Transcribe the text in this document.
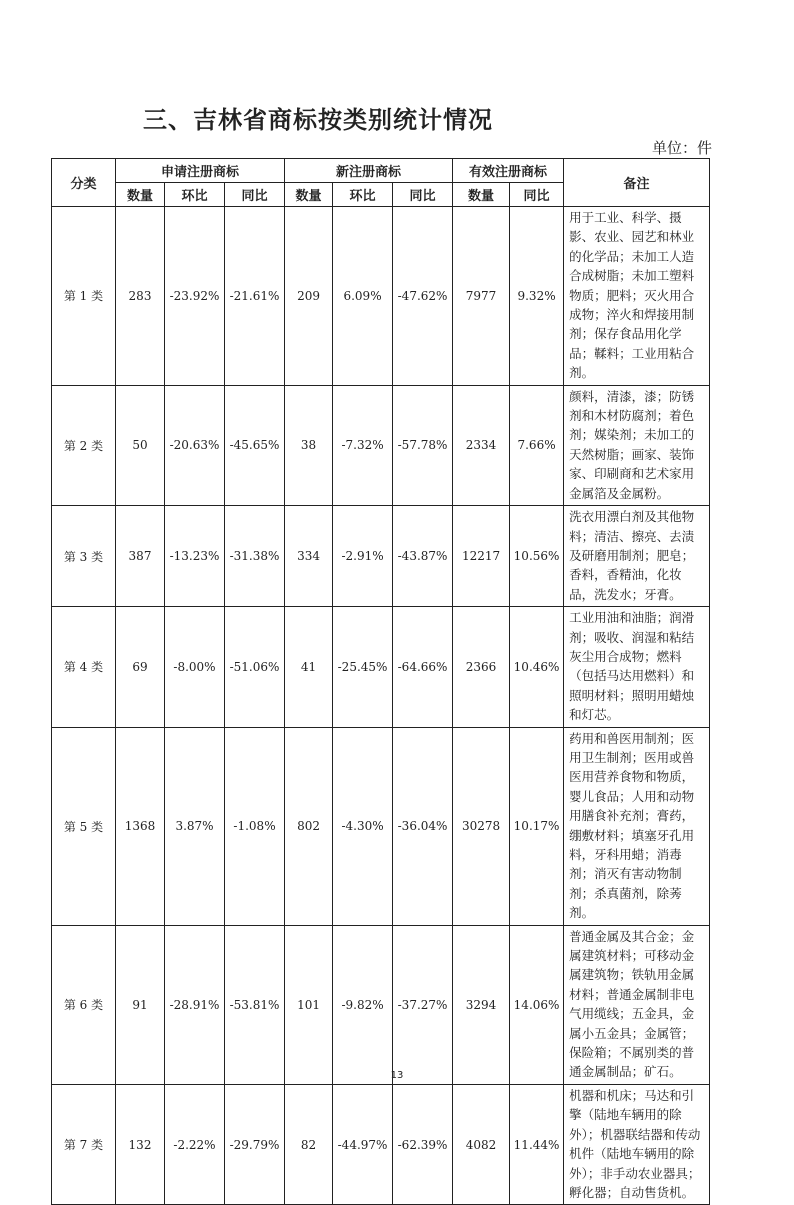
三、吉林省商标按类别统计情况
单位：件
分类	申请注册商标			新注册商标			有效注册商标		备注
	数量	环比	同比	数量	环比	同比	数量	同比	
第 1 类	283	-23.92%	-21.61%	209	6.09%	-47.62%	7977	9.32%	用于工业、科学、摄影、农业、园艺和林业的化学品；未加工人造合成树脂；未加工塑料物质；肥料；灭火用合成物；淬火和焊接用制剂；保存食品用化学品；鞣料；工业用粘合剂。
第 2 类	50	-20.63%	-45.65%	38	-7.32%	-57.78%	2334	7.66%	颜料，清漆，漆；防锈剂和木材防腐剂；着色剂；媒染剂；未加工的天然树脂；画家、装饰家、印刷商和艺术家用金属箔及金属粉。
第 3 类	387	-13.23%	-31.38%	334	-2.91%	-43.87%	12217	10.56%	洗衣用漂白剂及其他物料；清洁、擦亮、去渍及研磨用制剂；肥皂；香料，香精油，化妆品，洗发水；牙膏。
第 4 类	69	-8.00%	-51.06%	41	-25.45%	-64.66%	2366	10.46%	工业用油和油脂；润滑剂；吸收、润湿和粘结灰尘用合成物；燃料（包括马达用燃料）和照明材料；照明用蜡烛和灯芯。
第 5 类	1368	3.87%	-1.08%	802	-4.30%	-36.04%	30278	10.17%	药用和兽医用制剂；医用卫生制剂；医用或兽医用营养食物和物质，婴儿食品；人用和动物用膳食补充剂；膏药，绷敷材料；填塞牙孔用料，牙科用蜡；消毒剂；消灭有害动物制剂；杀真菌剂，除莠剂。
第 6 类	91	-28.91%	-53.81%	101	-9.82%	-37.27%	3294	14.06%	普通金属及其合金；金属建筑材料；可移动金属建筑物；铁轨用金属材料；普通金属制非电气用缆线；五金具，金属小五金具；金属管；保险箱；不属别类的普通金属制品；矿石。
第 7 类	132	-2.22%	-29.79%	82	-44.97%	-62.39%	4082	11.44%	机器和机床；马达和引擎（陆地车辆用的除外）；机器联结器和传动机件（陆地车辆用的除外）；非手动农业器具；孵化器；自动售货机。
13
